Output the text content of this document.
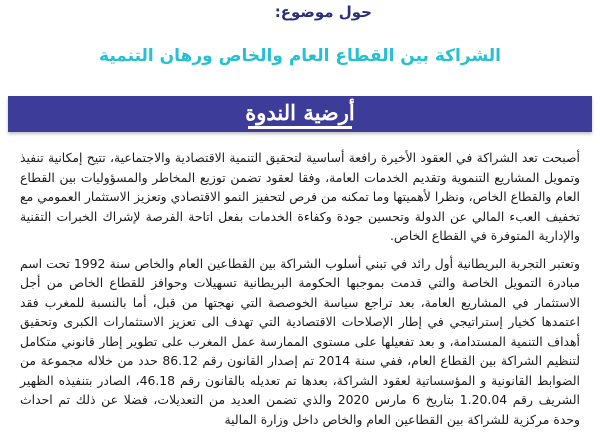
حول موضوع:
الشراكة بين القطاع العام والخاص ورهان التنمية
أرضية الندوة

أصبحت تعد الشراكة في العقود الأخيرة رافعة أساسية لتحقيق التنمية الاقتصادية والاجتماعية، تتيح إمكانية تنفيذ وتمويل المشاريع التنموية وتقديم الخدمات العامة، وفقا لعقود تضمن توزيع المخاطر والمسؤوليات بين القطاع العام والقطاع الخاص، ونظرا لأهميتها وما تمكنه من فرص لتحفيز النمو الاقتصادي وتعزيز الاستثمار العمومي مع تخفيف العبء المالي عن الدولة وتحسين جودة وكفاءة الخدمات بفعل اتاحة الفرصة لإشراك الخبرات التقنية والإدارية المتوفرة في القطاع الخاص.

وتعتبر التجربة البريطانية أول رائد في تبني أسلوب الشراكة بين القطاعين العام والخاص سنة 1992 تحت اسم مبادرة التمويل الخاصة والتي قدمت بموجبها الحكومة البريطانية تسهيلات وحوافز للقطاع الخاص من أجل الاستثمار في المشاريع العامة، بعد تراجع سياسة الخوصصة التي نهجتها من قبل، أما بالنسبة للمغرب فقد اعتمدها كخيار إستراتيجي في إطار الإصلاحات الاقتصادية التي تهدف الى تعزيز الاستثمارات الكبرى وتحقيق أهداف التنمية المستدامة، و بعد تفعيلها على مستوى الممارسة عمل المغرب على تطوير إطار قانوني متكامل لتنظيم الشراكة بين القطاع العام، ففي سنة 2014 تم إصدار القانون رقم 86.12 حدد من خلاله مجموعة من الضوابط القانونية و المؤسساتية لعقود الشراكة، بعدها تم تعديله بالقانون رقم 46.18، الصادر بتنفيذه الظهير الشريف رقم 1.20.04 بتاريخ 6 مارس 2020 والذي تضمن العديد من التعديلات، فضلا عن ذلك تم احداث وحدة مركزية للشراكة بين القطاعين العام والخاص داخل وزارة المالية
